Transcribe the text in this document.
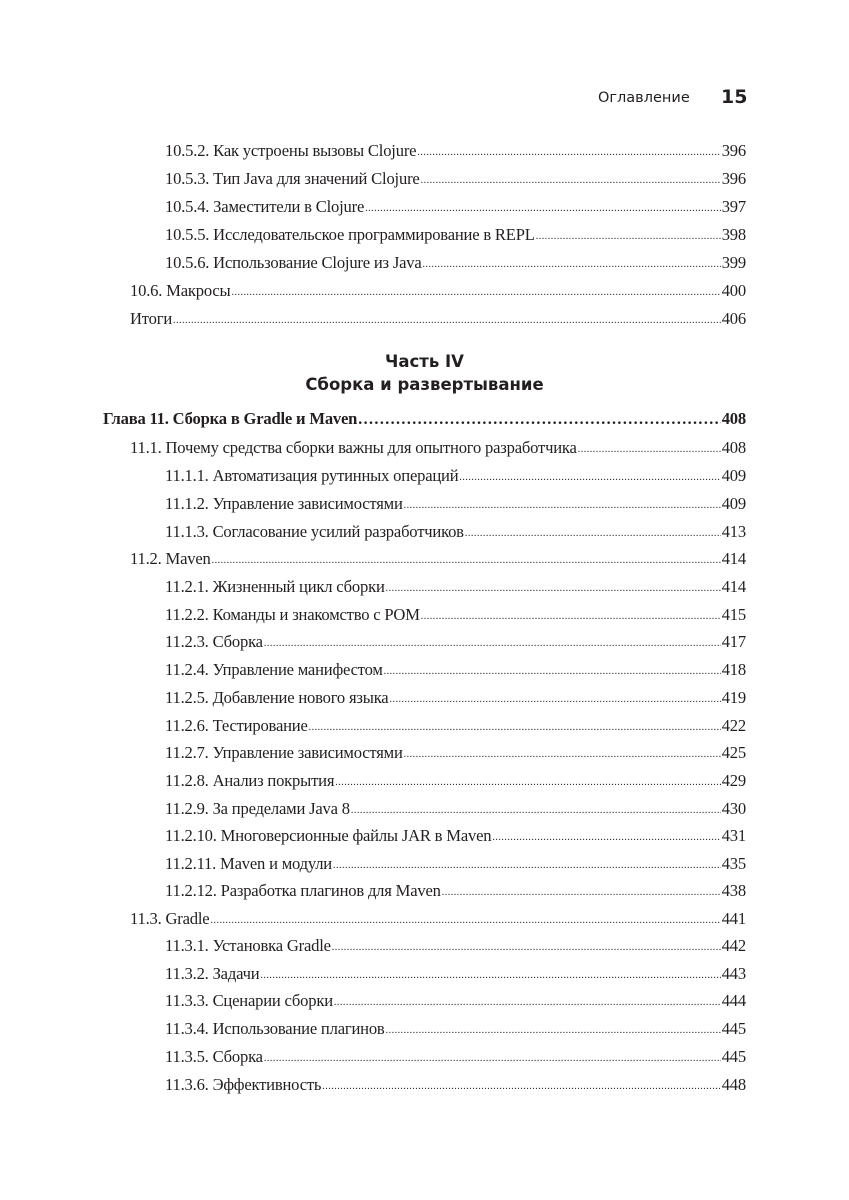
Оглавление 15
10.5.2. Как устроены вызовы Clojure .....	396
10.5.3. Тип Java для значений Clojure .....	396
10.5.4. Заместители в Clojure .....	397
10.5.5. Исследовательское программирование в REPL .....	398
10.5.6. Использование Clojure из Java .....	399
10.6. Макросы .....	400
Итоги .....	406
Часть IV
Сборка и развертывание
Глава 11. Сборка в Gradle и Maven .....	408
11.1. Почему средства сборки важны для опытного разработчика .....	408
11.1.1. Автоматизация рутинных операций .....	409
11.1.2. Управление зависимостями .....	409
11.1.3. Согласование усилий разработчиков .....	413
11.2. Maven .....	414
11.2.1. Жизненный цикл сборки .....	414
11.2.2. Команды и знакомство с POM .....	415
11.2.3. Сборка .....	417
11.2.4. Управление манифестом .....	418
11.2.5. Добавление нового языка .....	419
11.2.6. Тестирование .....	422
11.2.7. Управление зависимостями .....	425
11.2.8. Анализ покрытия .....	429
11.2.9. За пределами Java 8 .....	430
11.2.10. Многоверсионные файлы JAR в Maven .....	431
11.2.11. Maven и модули .....	435
11.2.12. Разработка плагинов для Maven .....	438
11.3. Gradle .....	441
11.3.1. Установка Gradle .....	442
11.3.2. Задачи .....	443
11.3.3. Сценарии сборки .....	444
11.3.4. Использование плагинов .....	445
11.3.5. Сборка .....	445
11.3.6. Эффективность .....	448
